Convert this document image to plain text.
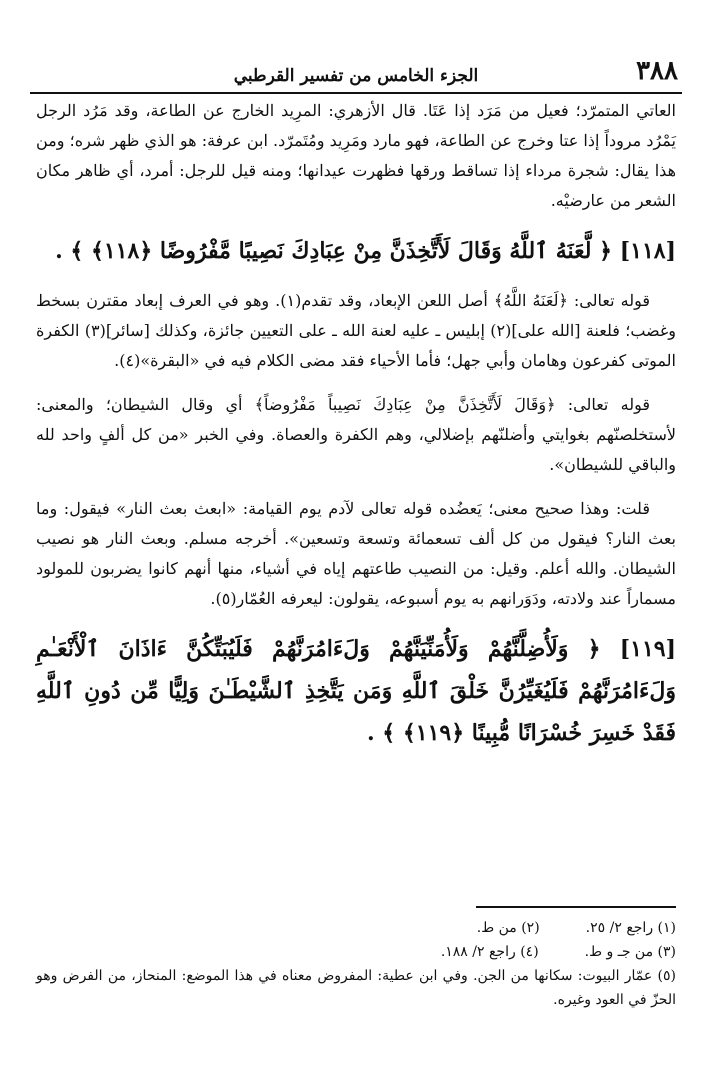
٣٨٨
الجزء الخامس من تفسير القرطبي

العاتي المتمرّد؛ فعيل من مَرَد إذا عَتَا. قال الأزهري: المرِيد الخارج عن الطاعة، وقد مَرُد الرجل يَمْرُد مروداً إذا عتا وخرج عن الطاعة، فهو مارد ومَرِيد ومُتَمرّد. ابن عرفة: هو الذي ظهر شره؛ ومن هذا يقال: شجرة مرداء إذا تساقط ورقها فظهرت عيدانها؛ ومنه قيل للرجل: أمرد، أي ظاهر مكان الشعر من عارضيْه.

[١١٨] ﴿ لَّعَنَهُ ٱللَّهُ وَقَالَ لَأَتَّخِذَنَّ مِنْ عِبَادِكَ نَصِيبًا مَّفْرُوضًا ﴿١١٨﴾ ﴾ .

قوله تعالى: ﴿لَعَنَهُ اللَّهُ﴾ أصل اللعن الإبعاد، وقد تقدم(١). وهو في العرف إبعاد مقترن بسخط وغضب؛ فلعنة [الله على](٢) إبليس ـ عليه لعنة الله ـ على التعيين جائزة، وكذلك [سائر](٣) الكفرة الموتى كفرعون وهامان وأبي جهل؛ فأما الأحياء فقد مضى الكلام فيه في «البقرة»(٤).

قوله تعالى: ﴿وَقَالَ لَأَتَّخِذَنَّ مِنْ عِبَادِكَ نَصِيباً مَفْرُوضاً﴾ أي وقال الشيطان؛ والمعنى: لأستخلصنّهم بغوايتي وأضلنّهم بإضلالي، وهم الكفرة والعصاة. وفي الخبر «من كل ألفٍ واحد لله والباقي للشيطان».

قلت: وهذا صحيح معنى؛ يَعضُده قوله تعالى لآدم يوم القيامة: «ابعث بعث النار» فيقول: وما بعث النار؟ فيقول من كل ألف تسعمائة وتسعة وتسعين». أخرجه مسلم. وبعث النار هو نصيب الشيطان. والله أعلم. وقيل: من النصيب طاعتهم إياه في أشياء، منها أنهم كانوا يضربون للمولود مسماراً عند ولادته، ودَوَرانهم به يوم أسبوعه، يقولون: ليعرفه العُمّار(٥).

[١١٩] ﴿ وَلَأُضِلَّنَّهُمْ وَلَأُمَنِّيَنَّهُمْ وَلَءَامُرَنَّهُمْ فَلَيُبَتِّكُنَّ ءَاذَانَ ٱلْأَنْعَـٰمِ وَلَءَامُرَنَّهُمْ فَلَيُغَيِّرُنَّ خَلْقَ ٱللَّهِ وَمَن يَتَّخِذِ ٱلشَّيْطَـٰنَ وَلِيًّا مِّن دُونِ ٱللَّهِ فَقَدْ خَسِرَ خُسْرَانًا مُّبِينًا ﴿١١٩﴾ ﴾ .

(١) راجع ٢/ ٢٥.
(٢) من ط.
(٣) من جـ و ط.
(٤) راجع ٢/ ١٨٨.
(٥) عمّار البيوت: سكانها من الجن. وفي ابن عطية: المفروض معناه في هذا الموضع: المنحاز، من الفرض وهو الحزّ في العود وغيره.
